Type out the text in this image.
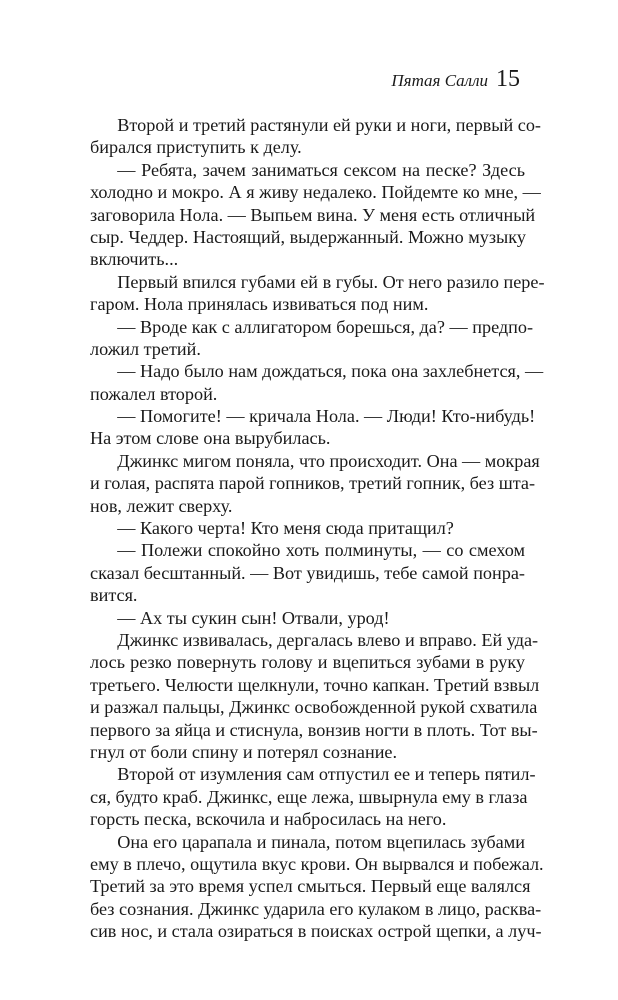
Пятая Салли 15
Второй и третий растянули ей руки и ноги, первый со-
бирался приступить к делу.
— Ребята, зачем заниматься сексом на песке? Здесь
холодно и мокро. А я живу недалеко. Пойдемте ко мне, —
заговорила Нола. — Выпьем вина. У меня есть отличный
сыр. Чеддер. Настоящий, выдержанный. Можно музыку
включить...
Первый впился губами ей в губы. От него разило пере-
гаром. Нола принялась извиваться под ним.
— Вроде как с аллигатором борешься, да? — предпо-
ложил третий.
— Надо было нам дождаться, пока она захлебнется, —
пожалел второй.
— Помогите! — кричала Нола. — Люди! Кто-нибудь!
На этом слове она вырубилась.
Джинкс мигом поняла, что происходит. Она — мокрая
и голая, распята парой гопников, третий гопник, без шта-
нов, лежит сверху.
— Какого черта! Кто меня сюда притащил?
— Полежи спокойно хоть полминуты, — со смехом
сказал бесштанный. — Вот увидишь, тебе самой понра-
вится.
— Ах ты сукин сын! Отвали, урод!
Джинкс извивалась, дергалась влево и вправо. Ей уда-
лось резко повернуть голову и вцепиться зубами в руку
третьего. Челюсти щелкнули, точно капкан. Третий взвыл
и разжал пальцы, Джинкс освобожденной рукой схватила
первого за яйца и стиснула, вонзив ногти в плоть. Тот вы-
гнул от боли спину и потерял сознание.
Второй от изумления сам отпустил ее и теперь пятил-
ся, будто краб. Джинкс, еще лежа, швырнула ему в глаза
горсть песка, вскочила и набросилась на него.
Она его царапала и пинала, потом вцепилась зубами
ему в плечо, ощутила вкус крови. Он вырвался и побежал.
Третий за это время успел смыться. Первый еще валялся
без сознания. Джинкс ударила его кулаком в лицо, расква-
сив нос, и стала озираться в поисках острой щепки, а луч-
